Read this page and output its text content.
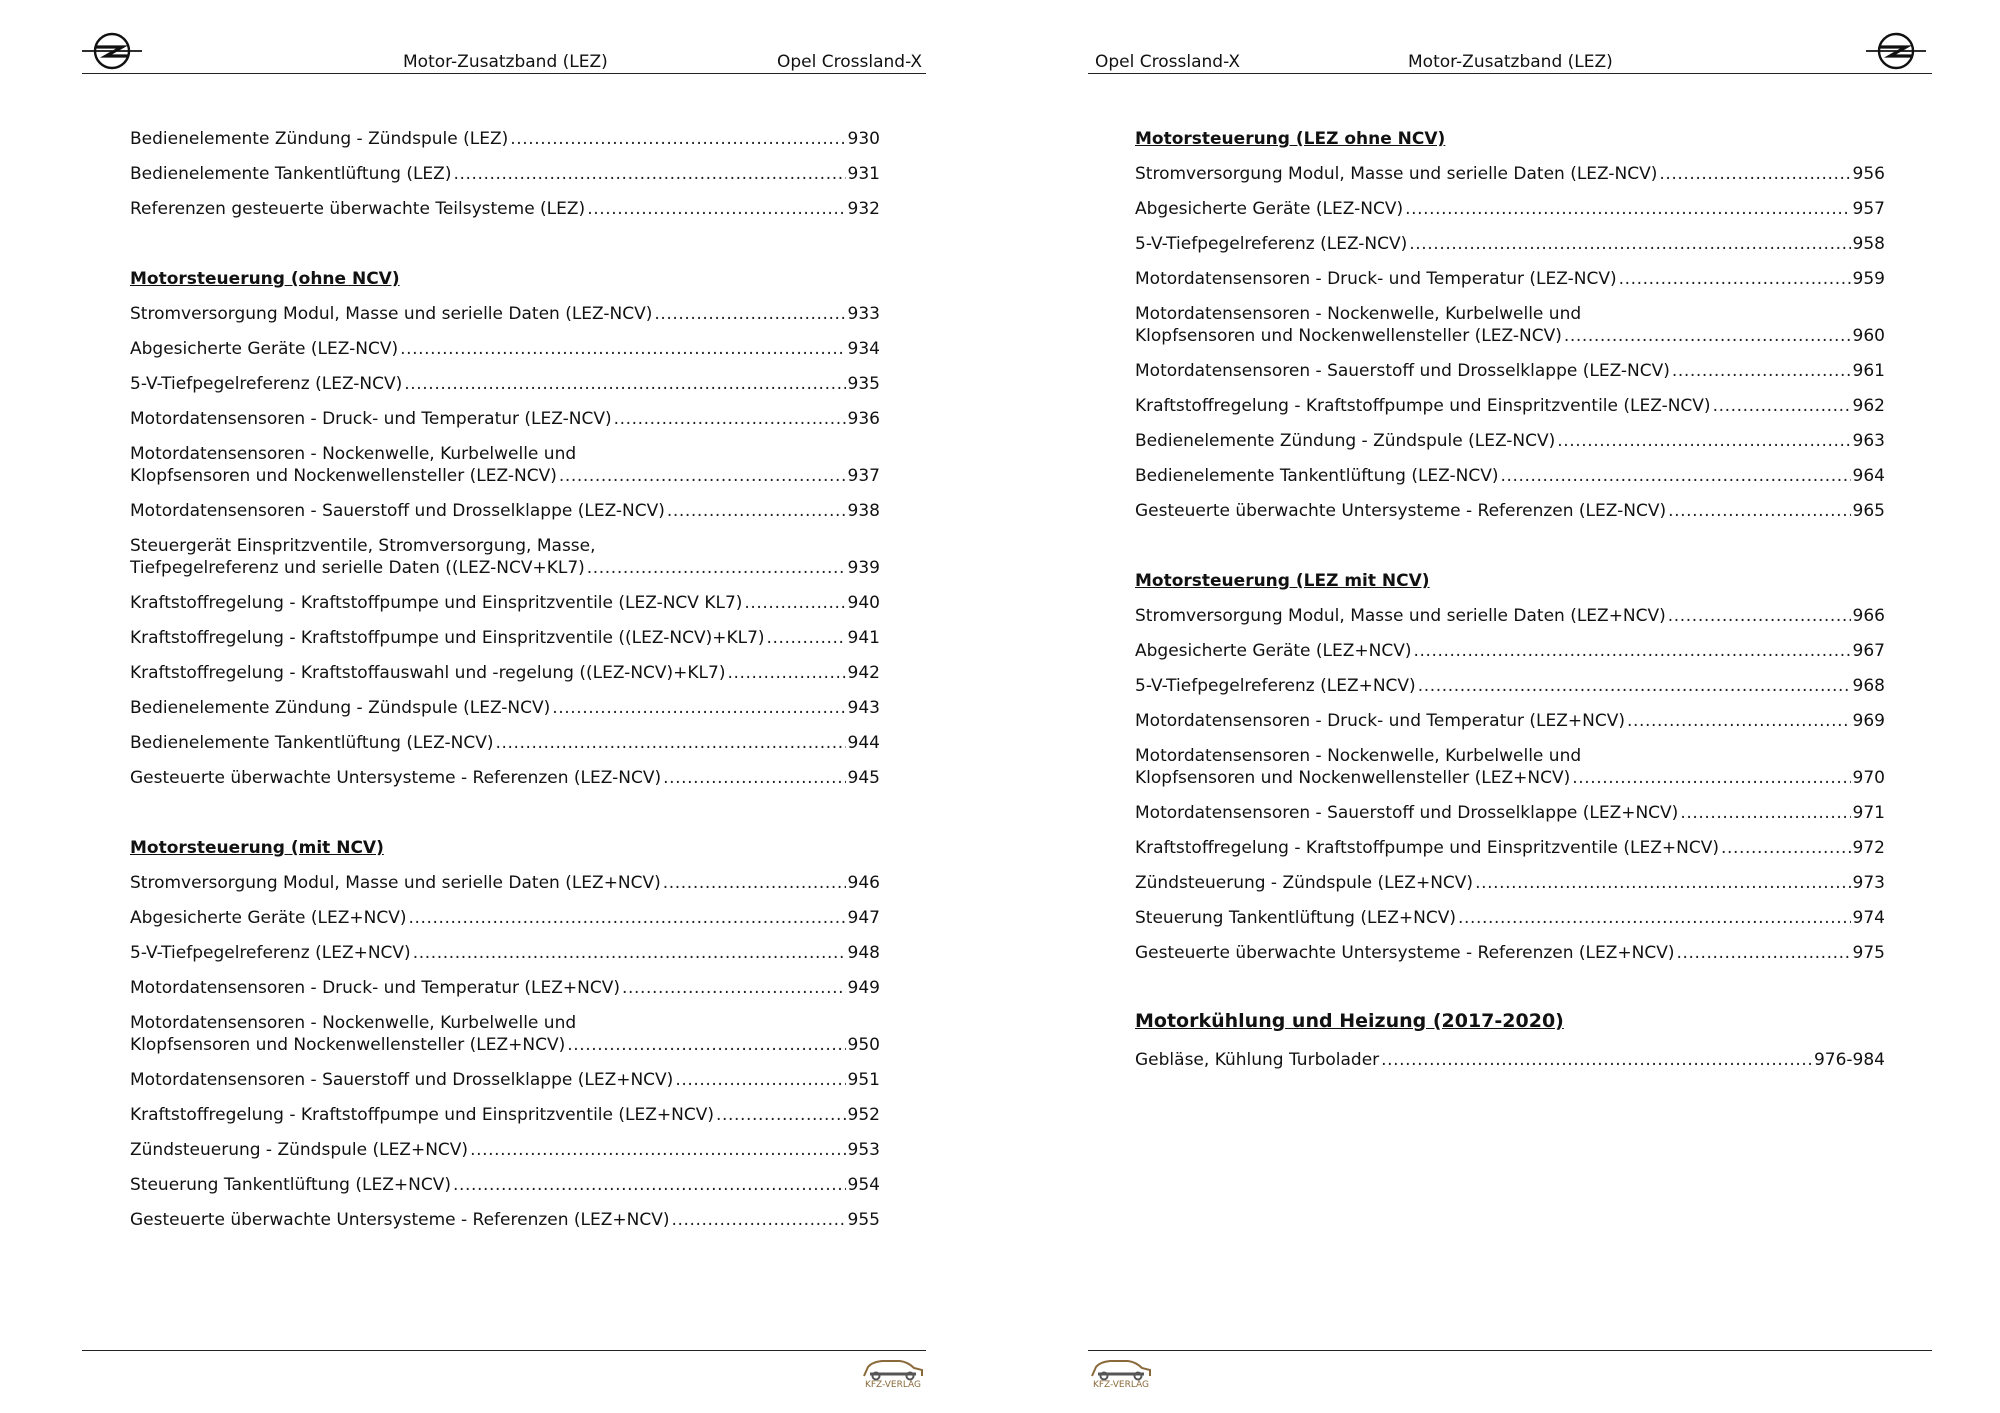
Motor-Zusatzband (LEZ)	Opel Crossland-X
Bedienelemente Zündung - Zündspule (LEZ) .....	930
Bedienelemente Tankentlüftung (LEZ) .....	931
Referenzen gesteuerte überwachte Teilsysteme (LEZ) .....	932
Motorsteuerung (ohne NCV)
Stromversorgung Modul, Masse und serielle Daten (LEZ-NCV) .....	933
Abgesicherte Geräte (LEZ-NCV) .....	934
5-V-Tiefpegelreferenz (LEZ-NCV) .....	935
Motordatensensoren - Druck- und Temperatur (LEZ-NCV) .....	936
Motordatensensoren - Nockenwelle, Kurbelwelle und
Klopfsensoren und Nockenwellensteller (LEZ-NCV) .....	937
Motordatensensoren - Sauerstoff und Drosselklappe (LEZ-NCV) .....	938
Steuergerät Einspritzventile, Stromversorgung, Masse,
Tiefpegelreferenz und serielle Daten ((LEZ-NCV+KL7) .....	939
Kraftstoffregelung - Kraftstoffpumpe und Einspritzventile (LEZ-NCV KL7) .....	940
Kraftstoffregelung - Kraftstoffpumpe und Einspritzventile ((LEZ-NCV)+KL7) .....	941
Kraftstoffregelung - Kraftstoffauswahl und -regelung ((LEZ-NCV)+KL7) .....	942
Bedienelemente Zündung - Zündspule (LEZ-NCV) .....	943
Bedienelemente Tankentlüftung (LEZ-NCV) .....	944
Gesteuerte überwachte Untersysteme - Referenzen (LEZ-NCV) .....	945
Motorsteuerung (mit NCV)
Stromversorgung Modul, Masse und serielle Daten (LEZ+NCV) .....	946
Abgesicherte Geräte (LEZ+NCV) .....	947
5-V-Tiefpegelreferenz (LEZ+NCV) .....	948
Motordatensensoren - Druck- und Temperatur (LEZ+NCV) .....	949
Motordatensensoren - Nockenwelle, Kurbelwelle und
Klopfsensoren und Nockenwellensteller (LEZ+NCV) .....	950
Motordatensensoren - Sauerstoff und Drosselklappe (LEZ+NCV) .....	951
Kraftstoffregelung - Kraftstoffpumpe und Einspritzventile (LEZ+NCV) .....	952
Zündsteuerung - Zündspule (LEZ+NCV) .....	953
Steuerung Tankentlüftung (LEZ+NCV) .....	954
Gesteuerte überwachte Untersysteme - Referenzen (LEZ+NCV) .....	955
KFZ-VERLAG
Opel Crossland-X	Motor-Zusatzband (LEZ)
Motorsteuerung (LEZ ohne NCV)
Stromversorgung Modul, Masse und serielle Daten (LEZ-NCV) .....	956
Abgesicherte Geräte (LEZ-NCV) .....	957
5-V-Tiefpegelreferenz (LEZ-NCV) .....	958
Motordatensensoren - Druck- und Temperatur (LEZ-NCV) .....	959
Motordatensensoren - Nockenwelle, Kurbelwelle und
Klopfsensoren und Nockenwellensteller (LEZ-NCV) .....	960
Motordatensensoren - Sauerstoff und Drosselklappe (LEZ-NCV) .....	961
Kraftstoffregelung - Kraftstoffpumpe und Einspritzventile (LEZ-NCV) .....	962
Bedienelemente Zündung - Zündspule (LEZ-NCV) .....	963
Bedienelemente Tankentlüftung (LEZ-NCV) .....	964
Gesteuerte überwachte Untersysteme - Referenzen (LEZ-NCV) .....	965
Motorsteuerung (LEZ mit NCV)
Stromversorgung Modul, Masse und serielle Daten (LEZ+NCV) .....	966
Abgesicherte Geräte (LEZ+NCV) .....	967
5-V-Tiefpegelreferenz (LEZ+NCV) .....	968
Motordatensensoren - Druck- und Temperatur (LEZ+NCV) .....	969
Motordatensensoren - Nockenwelle, Kurbelwelle und
Klopfsensoren und Nockenwellensteller (LEZ+NCV) .....	970
Motordatensensoren - Sauerstoff und Drosselklappe (LEZ+NCV) .....	971
Kraftstoffregelung - Kraftstoffpumpe und Einspritzventile (LEZ+NCV) .....	972
Zündsteuerung - Zündspule (LEZ+NCV) .....	973
Steuerung Tankentlüftung (LEZ+NCV) .....	974
Gesteuerte überwachte Untersysteme - Referenzen (LEZ+NCV) .....	975
Motorkühlung und Heizung (2017-2020)
Gebläse, Kühlung Turbolader .....	976-984
KFZ-VERLAG
